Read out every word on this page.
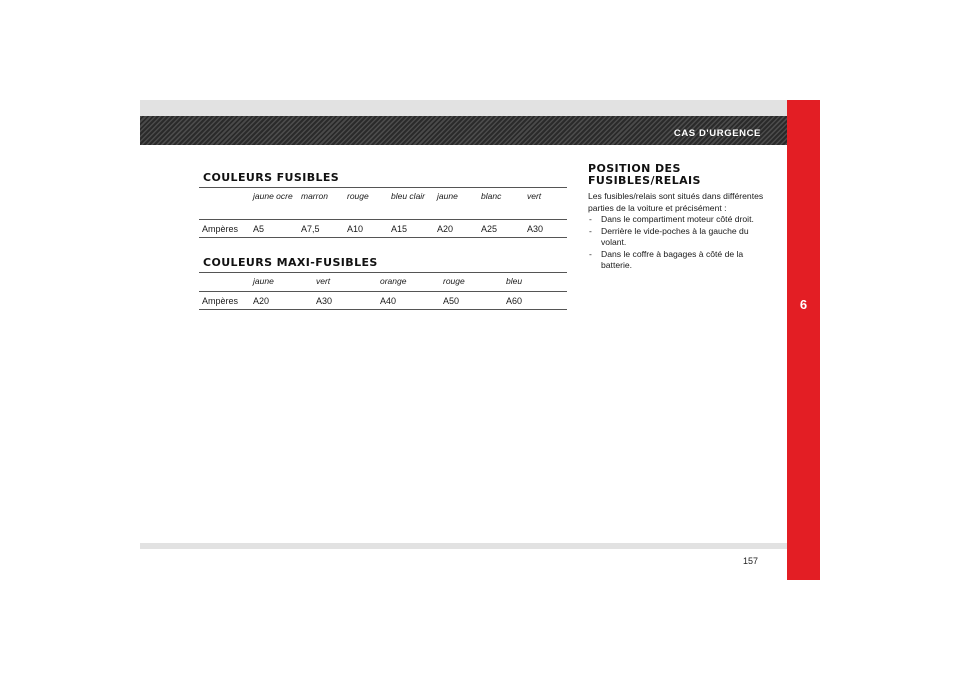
CAS D'URGENCE
6
COULEURS FUSIBLES
	jaune ocre	marron	rouge	bleu clair	jaune	blanc	vert
Ampères	A5	A7,5	A10	A15	A20	A25	A30
COULEURS MAXI-FUSIBLES
	jaune	vert	orange	rouge	bleu
Ampères	A20	A30	A40	A50	A60
POSITION DES FUSIBLES/RELAIS

Les fusibles/relais sont situés dans différentes parties de la voiture et précisément :

- Dans le compartiment moteur côté droit.
- Derrière le vide-poches à la gauche du volant.
- Dans le coffre à bagages à côté de la batterie.
157
